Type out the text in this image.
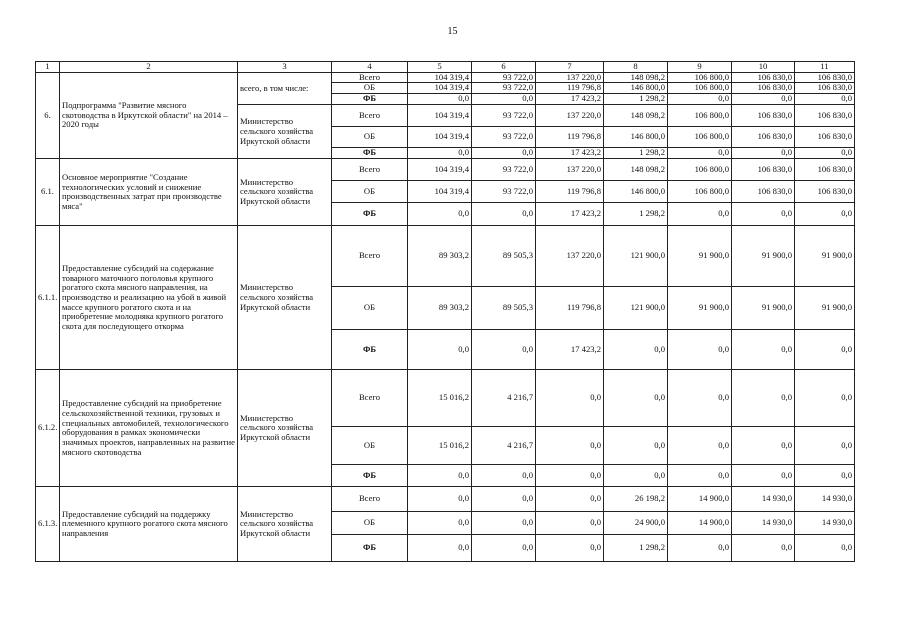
15
1	2	3	4	5	6	7	8	9	10	11
6.	Подпрограмма "Развитие мясного скотоводства в Иркутской области" на 2014 – 2020 годы	всего, в том числе:	Всего	104 319,4	93 722,0	137 220,0	148 098,2	106 800,0	106 830,0	106 830,0
			ОБ	104 319,4	93 722,0	119 796,8	146 800,0	106 800,0	106 830,0	106 830,0
			ФБ	0,0	0,0	17 423,2	1 298,2	0,0	0,0	0,0
		Министерство сельского хозяйства Иркутской области	Всего	104 319,4	93 722,0	137 220,0	148 098,2	106 800,0	106 830,0	106 830,0
			ОБ	104 319,4	93 722,0	119 796,8	146 800,0	106 800,0	106 830,0	106 830,0
			ФБ	0,0	0,0	17 423,2	1 298,2	0,0	0,0	0,0
6.1.	Основное мероприятие "Создание технологических условий и снижение производственных затрат при производстве мяса"	Министерство сельского хозяйства Иркутской области	Всего	104 319,4	93 722,0	137 220,0	148 098,2	106 800,0	106 830,0	106 830,0
			ОБ	104 319,4	93 722,0	119 796,8	146 800,0	106 800,0	106 830,0	106 830,0
			ФБ	0,0	0,0	17 423,2	1 298,2	0,0	0,0	0,0
6.1.1.	Предоставление субсидий на содержание товарного маточного поголовья крупного рогатого скота мясного направления, на производство и реализацию на убой в живой массе крупного рогатого скота и на приобретение молодняка крупного рогатого скота для последующего откорма	Министерство сельского хозяйства Иркутской области	Всего	89 303,2	89 505,3	137 220,0	121 900,0	91 900,0	91 900,0	91 900,0
			ОБ	89 303,2	89 505,3	119 796,8	121 900,0	91 900,0	91 900,0	91 900,0
			ФБ	0,0	0,0	17 423,2	0,0	0,0	0,0	0,0
6.1.2.	Предоставление субсидий на приобретение сельскохозяйственной техники, грузовых и специальных автомобилей, технологического оборудования в рамках экономически значимых проектов, направленных на развитие мясного скотоводства	Министерство сельского хозяйства Иркутской области	Всего	15 016,2	4 216,7	0,0	0,0	0,0	0,0	0,0
			ОБ	15 016,2	4 216,7	0,0	0,0	0,0	0,0	0,0
			ФБ	0,0	0,0	0,0	0,0	0,0	0,0	0,0
6.1.3.	Предоставление субсидий на поддержку племенного крупного рогатого скота мясного направления	Министерство сельского хозяйства Иркутской области	Всего	0,0	0,0	0,0	26 198,2	14 900,0	14 930,0	14 930,0
			ОБ	0,0	0,0	0,0	24 900,0	14 900,0	14 930,0	14 930,0
			ФБ	0,0	0,0	0,0	1 298,2	0,0	0,0	0,0
